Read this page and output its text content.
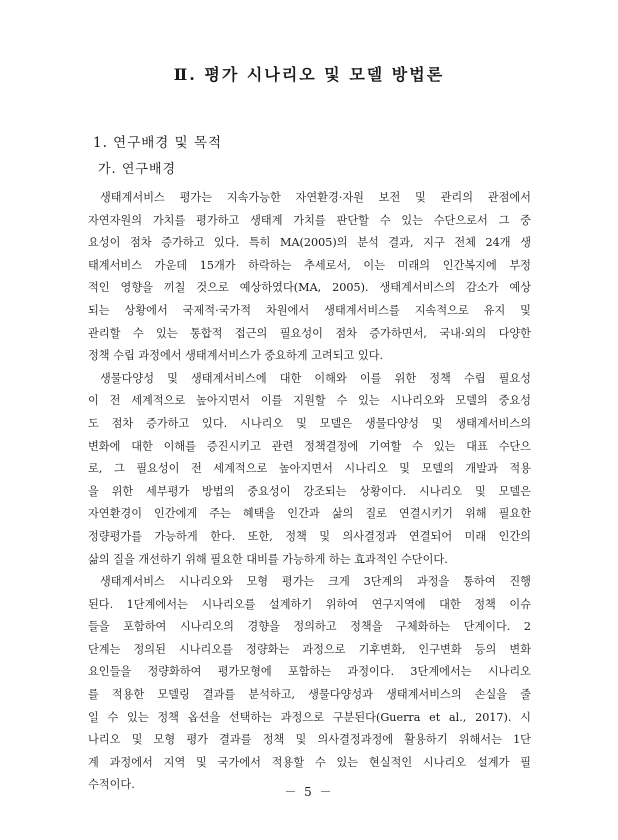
Ⅱ. 평가 시나리오 및 모델 방법론
1. 연구배경 및 목적
가. 연구배경
생태계서비스 평가는 지속가능한 자연환경·자원 보전 및 관리의 관점에서
자연자원의 가치를 평가하고 생태계 가치를 판단할 수 있는 수단으로서 그 중
요성이 점차 증가하고 있다. 특히 MA(2005)의 분석 결과, 지구 전체 24개 생
태계서비스 가운데 15개가 하락하는 추세로서, 이는 미래의 인간복지에 부정
적인 영향을 끼칠 것으로 예상하였다(MA, 2005). 생태계서비스의 감소가 예상
되는 상황에서 국제적·국가적 차원에서 생태계서비스를 지속적으로 유지 및
관리할 수 있는 통합적 접근의 필요성이 점차 증가하면서, 국내·외의 다양한
정책 수립 과정에서 생태계서비스가 중요하게 고려되고 있다.
생물다양성 및 생태계서비스에 대한 이해와 이를 위한 정책 수립 필요성
이 전 세계적으로 높아지면서 이를 지원할 수 있는 시나리오와 모델의 중요성
도 점차 증가하고 있다. 시나리오 및 모델은 생물다양성 및 생태계서비스의
변화에 대한 이해를 증진시키고 관련 정책결정에 기여할 수 있는 대표 수단으
로, 그 필요성이 전 세계적으로 높아지면서 시나리오 및 모델의 개발과 적용
을 위한 세부평가 방법의 중요성이 강조되는 상황이다. 시나리오 및 모델은
자연환경이 인간에게 주는 혜택을 인간과 삶의 질로 연결시키기 위해 필요한
정량평가를 가능하게 한다. 또한, 정책 및 의사결정과 연결되어 미래 인간의
삶의 질을 개선하기 위해 필요한 대비를 가능하게 하는 효과적인 수단이다.
생태계서비스 시나리오와 모형 평가는 크게 3단계의 과정을 통하여 진행
된다. 1단계에서는 시나리오를 설계하기 위하여 연구지역에 대한 정책 이슈
들을 포함하여 시나리오의 경향을 정의하고 정책을 구체화하는 단계이다. 2
단계는 정의된 시나리오를 정량화는 과정으로 기후변화, 인구변화 등의 변화
요인들을 정량화하여 평가모형에 포함하는 과정이다. 3단계에서는 시나리오
를 적용한 모델링 결과를 분석하고, 생물다양성과 생태계서비스의 손실을 줄
일 수 있는 정책 옵션을 선택하는 과정으로 구분된다(Guerra et al., 2017). 시
나리오 및 모형 평가 결과를 정책 및 의사결정과정에 활용하기 위해서는 1단
계 과정에서 지역 및 국가에서 적용할 수 있는 현실적인 시나리오 설계가 필
수적이다.
－ 5 －
